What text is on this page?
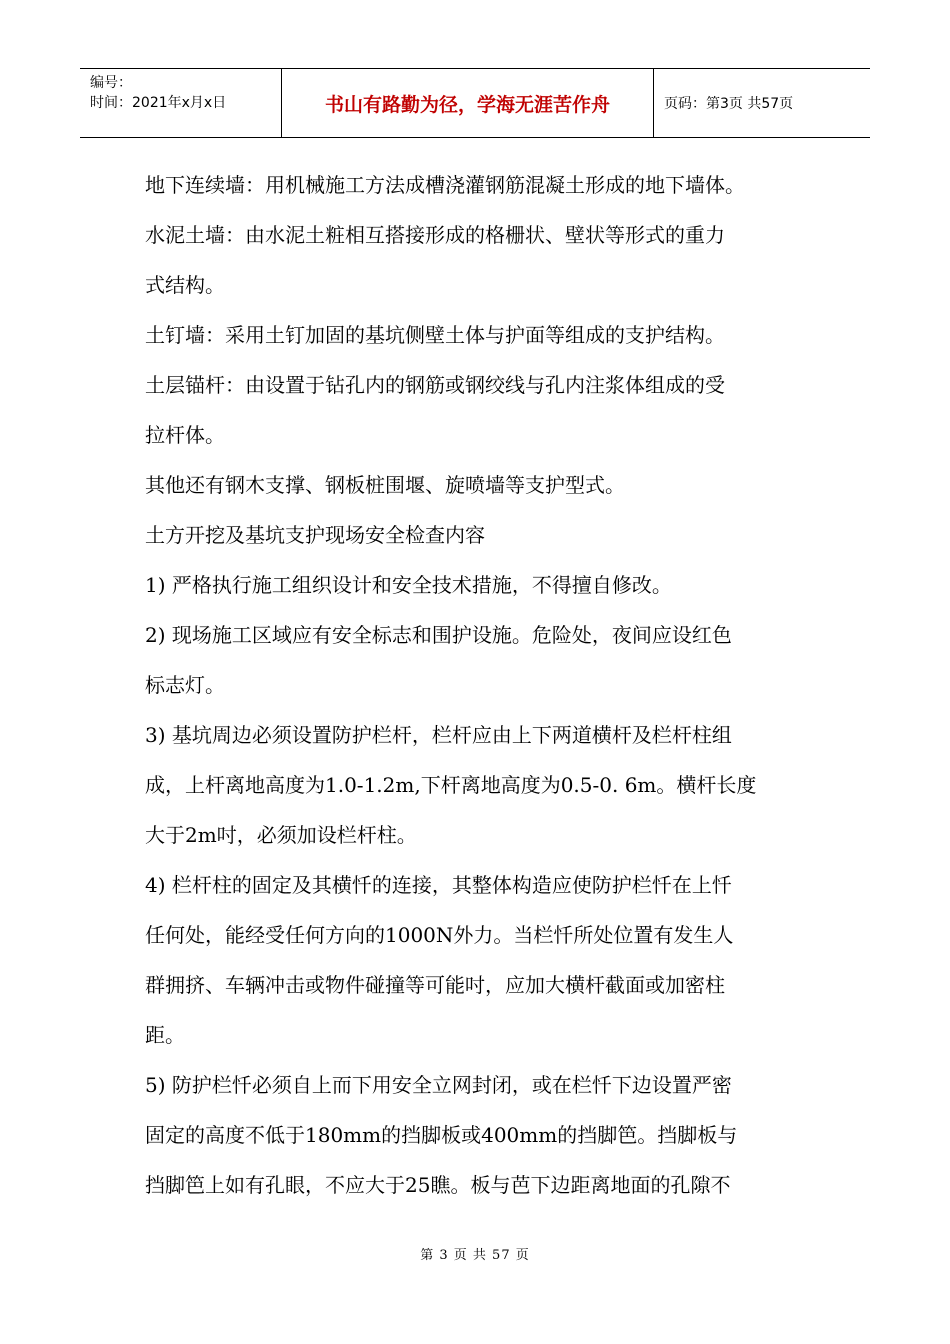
编号：
时间：2021年x月x日	书山有路勤为径，学海无涯苦作舟	页码：第3页 共57页
地下连续墙：用机械施工方法成槽浇灌钢筋混凝土形成的地下墙体。
水泥土墙：由水泥土粧相互搭接形成的格栅状、壁状等形式的重力
式结构。
土钉墙：采用土钉加固的基坑侧壁土体与护面等组成的支护结构。
土层锚杆：由设置于钻孔内的钢筋或钢绞线与孔内注浆体组成的受
拉杆体。
其他还有钢木支撑、钢板桩围堰、旋喷墙等支护型式。
土方开挖及基坑支护现场安全检查内容
1) 严格执行施工组织设计和安全技术措施，不得擅自修改。
2) 现场施工区域应有安全标志和围护设施。危险处，夜间应设红色
标志灯。
3) 基坑周边必须设置防护栏杆，栏杆应由上下两道横杆及栏杆柱组
成，上杆离地高度为1.0-1.2m,下杆离地高度为0.5-0. 6m。横杆长度
大于2m吋，必须加设栏杆柱。
4) 栏杆柱的固定及其横忏的连接，其整体构造应使防护栏忏在上忏
任何处，能经受任何方向的1000N外力。当栏忏所处位置有发生人
群拥挤、车辆冲击或物件碰撞等可能吋，应加大横杆截面或加密柱
距。
5) 防护栏忏必须自上而下用安全立网封闭，或在栏忏下边设置严密
固定的高度不低于180mm的挡脚板或400mm的挡脚笆。挡脚板与
挡脚笆上如有孔眼，不应大于25瞧。板与芭下边距离地面的孔隙不
第 3 页 共 57 页
